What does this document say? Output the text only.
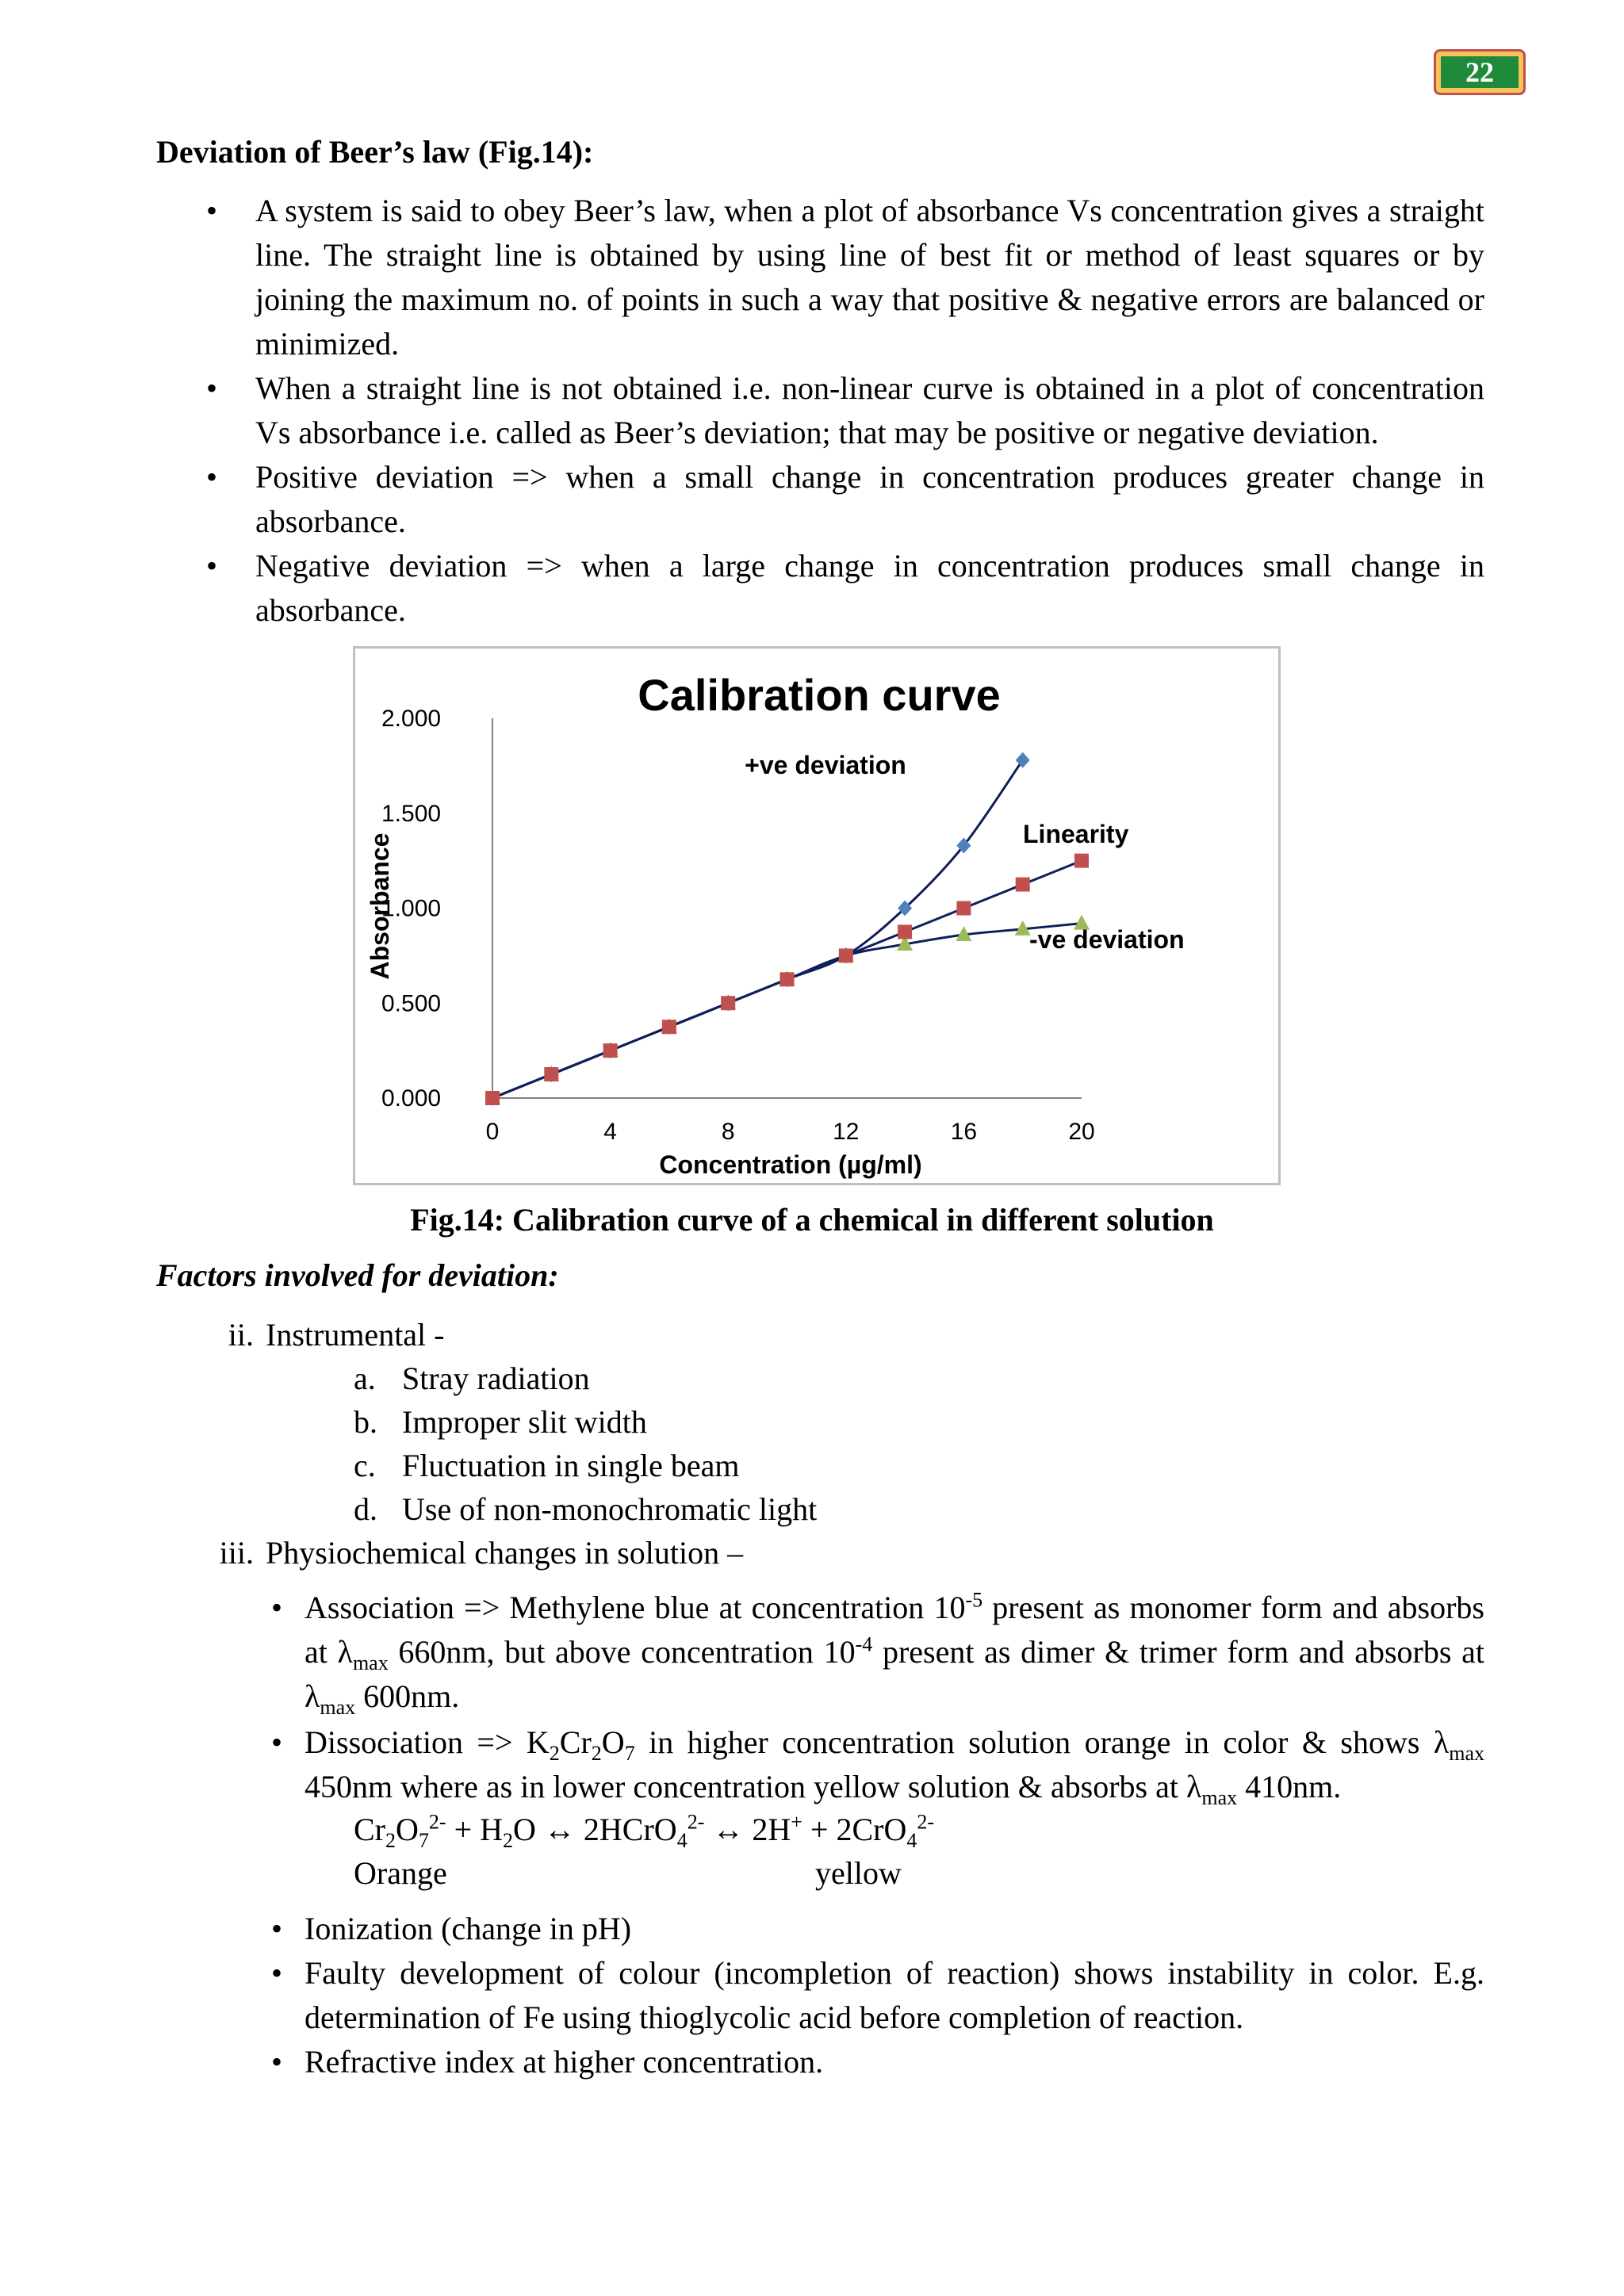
22
Deviation of Beer’s law (Fig.14):

• A system is said to obey Beer’s law, when a plot of absorbance Vs concentration gives a straight line. The straight line is obtained by using line of best fit or method of least squares or by joining the maximum no. of points in such a way that positive & negative errors are balanced or minimized.

• When a straight line is not obtained i.e. non-linear curve is obtained in a plot of concentration Vs absorbance i.e. called as Beer’s deviation; that may be positive or negative deviation.

• Positive deviation => when a small change in concentration produces greater change in absorbance.

• Negative deviation => when a large change in concentration produces small change in absorbance.

Calibration curve
0	4	8	12	16	20
0.000
0.500
1.000
1.500
2.000
+ve deviation
Linearity
-ve deviation
Concentration (µg/ml)
Absorbance
Fig.14: Calibration curve of a chemical in different solution
Factors involved for deviation:
ii. Instrumental -
a. Stray radiation
b. Improper slit width
c. Fluctuation in single beam
d. Use of non-monochromatic light
iii. Physiochemical changes in solution –
• Association => Methylene blue at concentration $10^{-5}$ present as monomer form and absorbs at $\lambda_{max}$ 660nm, but above concentration $10^{-4}$ present as dimer & trimer form and absorbs at $\lambda_{max}$ 600nm.
• Dissociation => $K_2Cr_2O_7$ in higher concentration solution orange in color & shows $\lambda_{max}$ 450nm where as in lower concentration yellow solution & absorbs at $\lambda_{max}$ 410nm.
$Cr_2O_7^{2-} + H_2O$ ↔ 2HCrO$_4^{2-}$ ↔ 2H+ + 2CrO$_4^{2-}$
Orange	yellow
• Ionization (change in pH)
• Faulty development of colour (incompletion of reaction) shows instability in color. E.g. determination of Fe using thioglycolic acid before completion of reaction.
• Refractive index at higher concentration.
